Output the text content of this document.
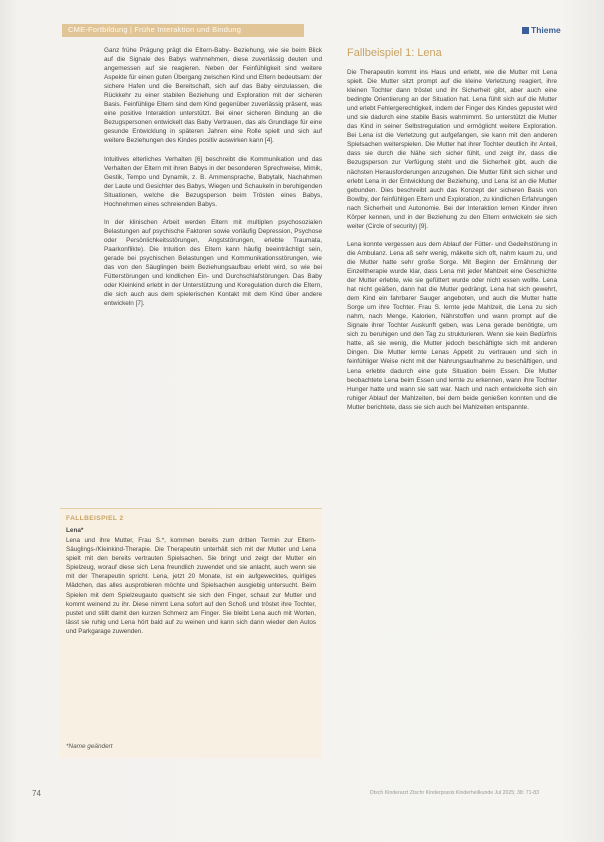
CME-Fortbildung | Frühe Interaktion und Bindung	Thieme

Ganz frühe Prägung prägt die Eltern-Baby- Beziehung, wie sie beim Blick auf die Signale des Babys wahrnehmen, diese zuverlässig deuten und angemessen auf sie reagieren. Neben der Feinfühligkeit sind weitere Aspekte für einen guten Übergang zwischen Kind und Eltern bedeutsam: der sichere Hafen und die Bereitschaft, sich auf das Baby einzulassen, die Rückkehr zu einer stabilen Beziehung und Exploration mit der sicheren Basis. Feinfühlige Eltern sind dem Kind gegenüber zuverlässig präsent, was eine positive Interaktion unterstützt. Bei einer sicheren Bindung an die Bezugspersonen entwickelt das Baby Vertrauen, das als Grundlage für eine gesunde Entwicklung in späteren Jahren eine Rolle spielt und sich auf weitere Beziehungen des Kindes positiv auswirken kann [4].

Intuitives elterliches Verhalten [6] beschreibt die Kommunikation und das Verhalten der Eltern mit ihren Babys in der besonderen Sprechweise, Mimik, Gestik, Tempo und Dynamik, z. B. Ammensprache, Babytalk, Nachahmen der Laute und Gesichter des Babys, Wiegen und Schaukeln in beruhigenden Situationen, welche die Bezugsperson beim Trösten eines Babys, Hochnehmen eines schreienden Babys.

In der klinischen Arbeit werden Eltern mit multiplen psychosozialen Belastungen auf psychische Faktoren sowie vorläufig Depression, Psychose oder Persönlichkeitsstörungen, Angststörungen, erlebte Traumata, Paarkonflikte). Die Intuition des Eltern kann häufig beeinträchtigt sein, gerade bei psychischen Belastungen und Kommunikationsstörungen, wie das von den Säuglingen beim Beziehungsaufbau erlebt wird, so wie bei Fütterstörungen und kindlichen Ein- und Durchschlafstörungen. Das Baby oder Kleinkind erlebt in der Unterstützung und Koregulation durch die Eltern, die sich auch aus dem spielerischen Kontakt mit dem Kind über andere entwickeln [7].

FALLBEISPIEL 2
Lena*
Lena und ihre Mutter, Frau S.*, kommen bereits zum dritten Termin zur Eltern-Säuglings-/Kleinkind-Therapie. Die Therapeutin unterhält sich mit der Mutter und Lena spielt mit den bereits vertrauten Spielsachen. Sie bringt und zeigt der Mutter ein Spielzeug, worauf diese sich Lena freundlich zuwendet und sie anlacht, auch wenn sie mit der Therapeutin spricht. Lena, jetzt 20 Monate, ist ein aufgewecktes, quirliges Mädchen, das alles ausprobieren möchte und Spielsachen ausgiebig untersucht. Beim Spielen mit dem Spielzeugauto quetscht sie sich den Finger, schaut zur Mutter und kommt weinend zu ihr. Diese nimmt Lena sofort auf den Schoß und tröstet ihre Tochter, pustet und stillt damit den kurzen Schmerz am Finger. Sie bleibt Lena auch mit Worten, lässt sie ruhig und Lena hört bald auf zu weinen und kann sich dann wieder den Autos und Parkgarage zuwenden.
*Name geändert
Fallbeispiel 1: Lena

Die Therapeutin kommt ins Haus und erlebt, wie die Mutter mit Lena spielt. Die Mutter sitzt prompt auf die kleine Verletzung reagiert, ihre kleinen Tochter dann tröstet und ihr Sicherheit gibt, aber auch eine bedingte Orientierung an der Situation hat. Lena fühlt sich auf die Mutter und erlebt Fehlergerechtigkeit, indem der Finger des Kindes gepustet wird und sie dadurch eine stabile Basis wahrnimmt. So unterstützt die Mutter das Kind in seiner Selbstregulation und ermöglicht weitere Exploration. Bei Lena ist die Verletzung gut aufgefangen, sie kann mit den anderen Spielsachen weiterspielen. Die Mutter hat ihrer Tochter deutlich ihr Anteil, dass sie durch die Nähe sich sicher fühlt, und zeigt ihr, dass die Bezugsperson zur Verfügung steht und die Sicherheit gibt, auch die nächsten Herausforderungen anzugehen. Die Mutter fühlt sich sicher und erlebt Lena in der Entwicklung der Beziehung, und Lena ist an die Mutter gebunden. Dies beschreibt auch das Konzept der sicheren Basis von Bowlby, der feinfühligen Eltern und Exploration, zu kindlichen Erfahrungen nach Sicherheit und Autonomie. Bei der Interaktion lernen Kinder ihren Körper kennen, und in der Beziehung zu den Eltern entwickeln sie sich weiter (Circle of security) [9].

Lena konnte vergessen aus dem Ablauf der Fütter- und Gedeihstörung in die Ambulanz. Lena aß sehr wenig, mäkelte sich oft, nahm kaum zu, und die Mutter hatte sehr große Sorge. Mit Beginn der Ernährung der Einzeltherapie wurde klar, dass Lena mit jeder Mahlzeit eine Geschichte der Mutter erlebte, wie sie gefüttert wurde oder nicht essen wollte. Lena hat nicht geäßen, dann hat die Mutter gedrängt, Lena hat sich gewehrt, dem Kind ein fahrbarer Sauger angeboten, und auch die Mutter hatte Sorge um ihre Tochter. Frau S. lernte jede Mahlzeit, die Lena zu sich nahm, nach Menge, Kalorien, Nährstoffen und wann prompt auf die Signale ihrer Tochter Auskunft geben, was Lena gerade benötigte, um sich zu beruhigen und den Tag zu strukturieren. Wenn sie kein Bedürfnis hatte, aß sie wenig, die Mutter jedoch beschäftigte sich mit anderen Dingen. Die Mutter lernte Lenas Appetit zu vertrauen und sich in feinfühliger Weise nicht mit der Nahrungsaufnahme zu beschäftigen, und Lena erlebte dadurch eine gute Situation beim Essen. Die Mutter beobachtete Lena beim Essen und lernte zu erkennen, wann ihre Tochter Hunger hatte und wann sie satt war. Nach und nach entwickelte sich ein ruhiger Ablauf der Mahlzeiten, bei dem beide genießen konnten und die Mutter berichtete, dass sie sich auch bei Mahlzeiten entspannte.

74	Dtsch Kinderarzt Ztschr Kinderpraxis Kinderheilkunde Jul 2025; 38: 71-83
